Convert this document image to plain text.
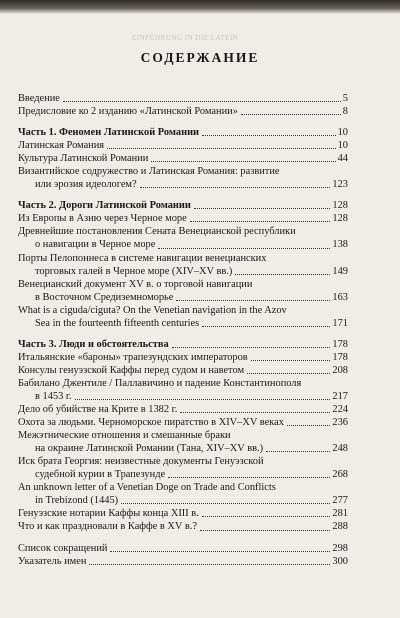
EINFÜHRUNG IN DIE LATEIN
СОДЕРЖАНИЕ
Введение	5
Предисловие ко 2 изданию «Латинской Романии»	8
Часть 1. Феномен Латинской Романии	10
Латинская Романия	10
Культура Латинской Романии	44
Византийское содружество и Латинская Романия: развитие
или эрозия идеологем?	123
Часть 2. Дороги Латинской Романии	128
Из Европы в Азию через Черное море	128
Древнейшие постановления Сената Венецианской республики
о навигации в Черное море	138
Порты Пелопоннеса в системе навигации венецианских
торговых галей в Черное море (XIV–XV вв.)	149
Венецианский документ XV в. о торговой навигации
в Восточном Средиземноморье	163
What is a ciguda/ciguta? On the Venetian navigation in the Azov
Sea in the fourteenth fifteenth centuries	171
Часть 3. Люди и обстоятельства	178
Итальянские «бароны» трапезундских императоров	178
Консулы генуэзской Каффы перед судом и наветом	208
Бабилано Джентиле / Паллавичино и падение Константинополя
в 1453 г.	217
Дело об убийстве на Крите в 1382 г.	224
Охота за людьми. Черноморское пиратство в XIV–XV веках	236
Межэтнические отношения и смешанные браки
на окраине Латинской Романии (Тана, XIV–XV вв.)	248
Иск брата Георгия: неизвестные документы Генуэзской
судебной курии в Трапезунде	268
An unknown letter of a Venetian Doge on Trade and Conflicts
in Trebizond (1445)	277
Генуэзские нотарии Каффы конца XIII в.	281
Что и как праздновали в Каффе в XV в.?	288
Список сокращений	298
Указатель имен	300
